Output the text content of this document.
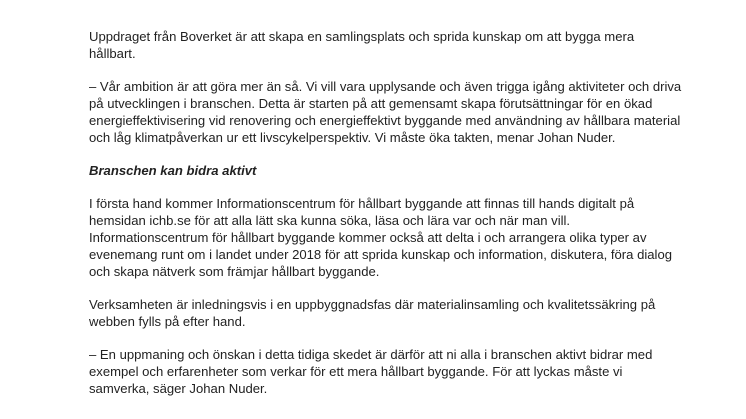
Uppdraget från Boverket är att skapa en samlingsplats och sprida kunskap om att bygga mera
hållbart.

– Vår ambition är att göra mer än så. Vi vill vara upplysande och även trigga igång aktiviteter och driva
på utvecklingen i branschen. Detta är starten på att gemensamt skapa förutsättningar för en ökad
energieffektivisering vid renovering och energieffektivt byggande med användning av hållbara material
och låg klimatpåverkan ur ett livscykelperspektiv. Vi måste öka takten, menar Johan Nuder.

Branschen kan bidra aktivt

I första hand kommer Informationscentrum för hållbart byggande att finnas till hands digitalt på
hemsidan ichb.se för att alla lätt ska kunna söka, läsa och lära var och när man vill.
Informationscentrum för hållbart byggande kommer också att delta i och arrangera olika typer av
evenemang runt om i landet under 2018 för att sprida kunskap och information, diskutera, föra dialog
och skapa nätverk som främjar hållbart byggande.

Verksamheten är inledningsvis i en uppbyggnadsfas där materialinsamling och kvalitetssäkring på
webben fylls på efter hand.

– En uppmaning och önskan i detta tidiga skedet är därför att ni alla i branschen aktivt bidrar med
exempel och erfarenheter som verkar för ett mera hållbart byggande. För att lyckas måste vi
samverka, säger Johan Nuder.
